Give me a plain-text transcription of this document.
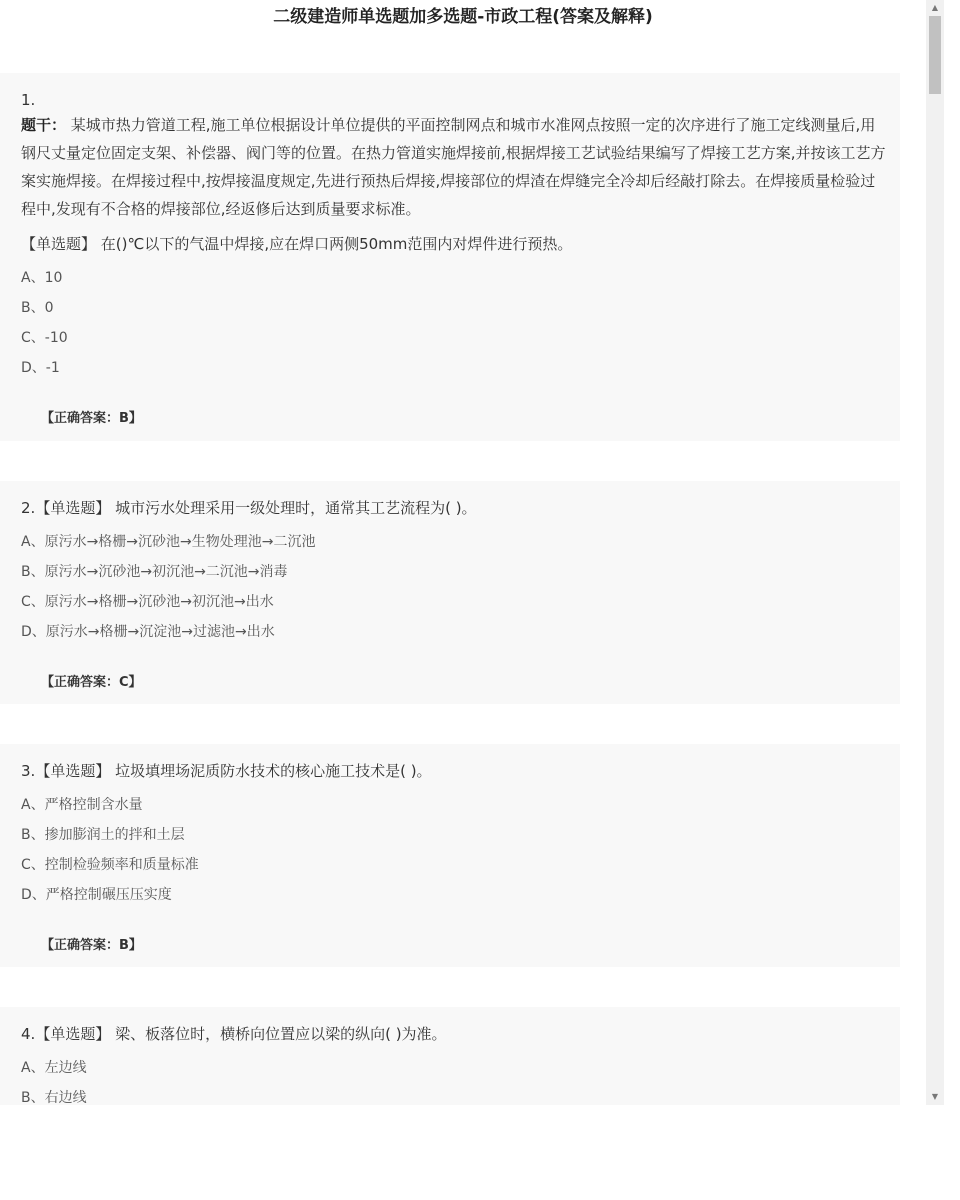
二级建造师单选题加多选题-市政工程(答案及解释)
1.
题干： 某城市热力管道工程,施工单位根据设计单位提供的平面控制网点和城市水准网点按照一定的次序进行了施工定线测量后,用钢尺丈量定位固定支架、补偿器、阀门等的位置。在热力管道实施焊接前,根据焊接工艺试验结果编写了焊接工艺方案,并按该工艺方案实施焊接。在焊接过程中,按焊接温度规定,先进行预热后焊接,焊接部位的焊渣在焊缝完全冷却后经敲打除去。在焊接质量检验过程中,发现有不合格的焊接部位,经返修后达到质量要求标准。
【单选题】 在()℃以下的气温中焊接,应在焊口两侧50mm范围内对焊件进行预热。
A、10
B、0
C、-10
D、-1
【正确答案：B】
2.【单选题】 城市污水处理采用一级处理时，通常其工艺流程为( )。
A、原污水→格栅→沉砂池→生物处理池→二沉池
B、原污水→沉砂池→初沉池→二沉池→消毒
C、原污水→格栅→沉砂池→初沉池→出水
D、原污水→格栅→沉淀池→过滤池→出水
【正确答案：C】
3.【单选题】 垃圾填埋场泥质防水技术的核心施工技术是( )。
A、严格控制含水量
B、掺加膨润土的拌和土层
C、控制检验频率和质量标准
D、严格控制碾压压实度
【正确答案：B】
4.【单选题】 梁、板落位时，横桥向位置应以梁的纵向( )为准。
A、左边线
B、右边线
▲
▼
